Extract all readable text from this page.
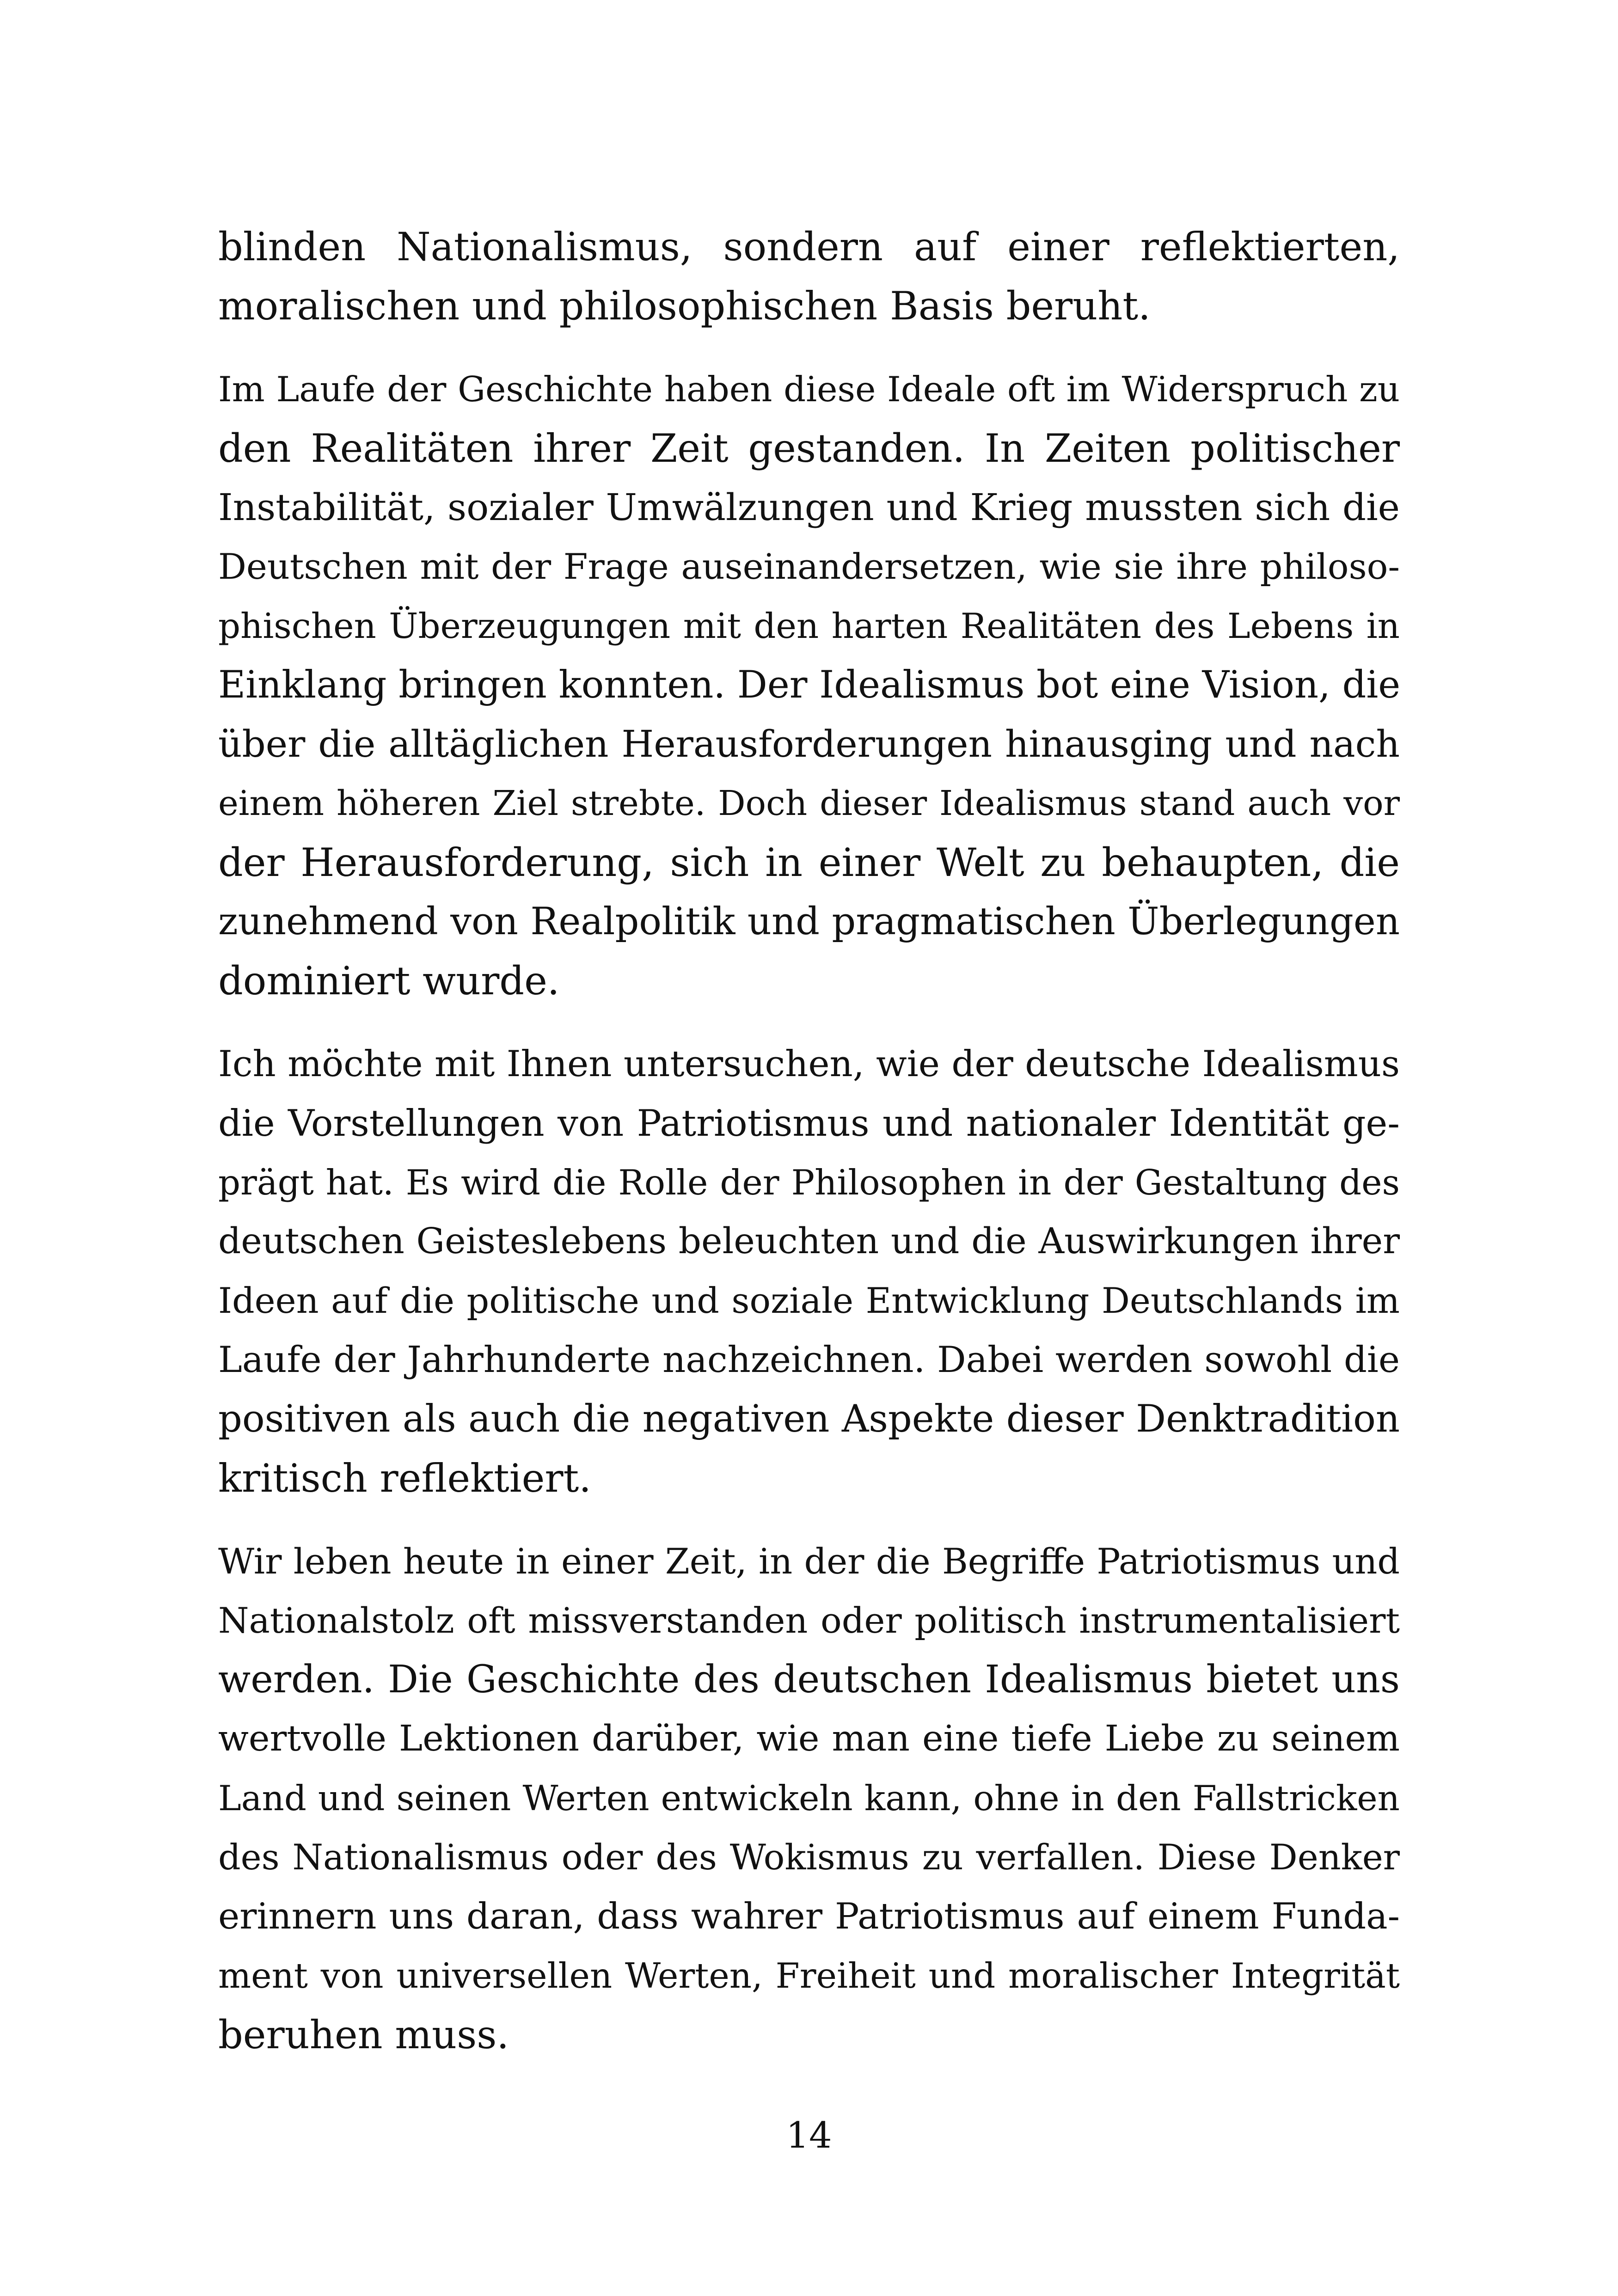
blinden Nationalismus, sondern auf einer reflektierten,
moralischen und philosophischen Basis beruht.
Im Laufe der Geschichte haben diese Ideale oft im Widerspruch zu
den Realitäten ihrer Zeit gestanden. In Zeiten politischer
Instabilität, sozialer Umwälzungen und Krieg mussten sich die
Deutschen mit der Frage auseinandersetzen, wie sie ihre philoso-
phischen Überzeugungen mit den harten Realitäten des Lebens in
Einklang bringen konnten. Der Idealismus bot eine Vision, die
über die alltäglichen Herausforderungen hinausging und nach
einem höheren Ziel strebte. Doch dieser Idealismus stand auch vor
der Herausforderung, sich in einer Welt zu behaupten, die
zunehmend von Realpolitik und pragmatischen Überlegungen
dominiert wurde.
Ich möchte mit Ihnen untersuchen, wie der deutsche Idealismus
die Vorstellungen von Patriotismus und nationaler Identität ge-
prägt hat. Es wird die Rolle der Philosophen in der Gestaltung des
deutschen Geisteslebens beleuchten und die Auswirkungen ihrer
Ideen auf die politische und soziale Entwicklung Deutschlands im
Laufe der Jahrhunderte nachzeichnen. Dabei werden sowohl die
positiven als auch die negativen Aspekte dieser Denktradition
kritisch reflektiert.
Wir leben heute in einer Zeit, in der die Begriffe Patriotismus und
Nationalstolz oft missverstanden oder politisch instrumentalisiert
werden. Die Geschichte des deutschen Idealismus bietet uns
wertvolle Lektionen darüber, wie man eine tiefe Liebe zu seinem
Land und seinen Werten entwickeln kann, ohne in den Fallstricken
des Nationalismus oder des Wokismus zu verfallen. Diese Denker
erinnern uns daran, dass wahrer Patriotismus auf einem Funda-
ment von universellen Werten, Freiheit und moralischer Integrität
beruhen muss.
14
